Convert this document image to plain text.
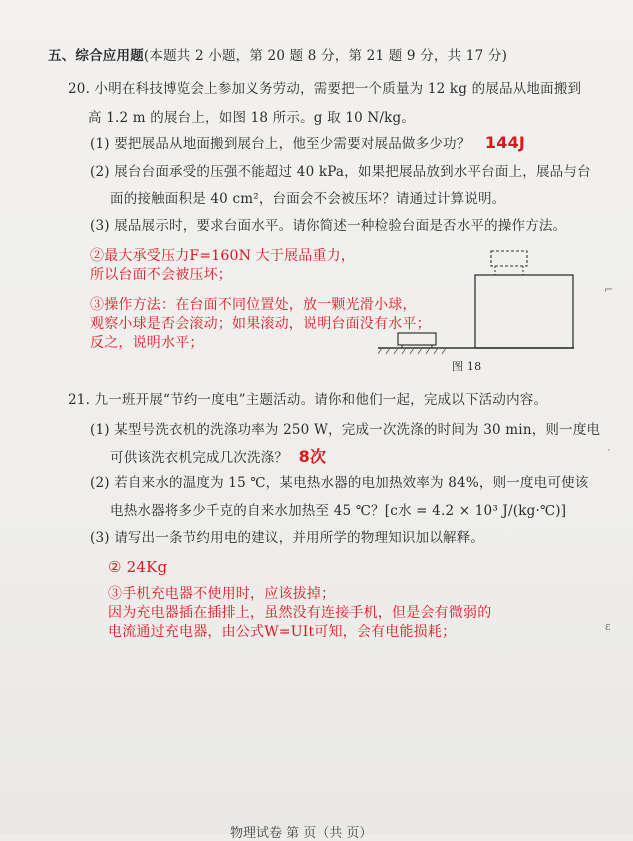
五、综合应用题(本题共 2 小题，第 20 题 8 分，第 21 题 9 分，共 17 分)
20. 小明在科技博览会上参加义务劳动，需要把一个质量为 12 kg 的展品从地面搬到
高 1.2 m 的展台上，如图 18 所示。g 取 10 N/kg。
(1) 要把展品从地面搬到展台上，他至少需要对展品做多少功？ 144J
(2) 展台台面承受的压强不能超过 40 kPa，如果把展品放到水平台面上，展品与台
面的接触面积是 40 cm²，台面会不会被压坏？请通过计算说明。
(3) 展品展示时，要求台面水平。请你简述一种检验台面是否水平的操作方法。
②最大承受压力F=160N 大于展品重力，
所以台面不会被压坏；
③操作方法：在台面不同位置处，放一颗光滑小球，
观察小球是否会滚动；如果滚动，说明台面没有水平；
反之，说明水平；
图 18
21. 九一班开展“节约一度电”主题活动。请你和他们一起，完成以下活动内容。
(1) 某型号洗衣机的洗涤功率为 250 W，完成一次洗涤的时间为 30 min，则一度电
可供该洗衣机完成几次洗涤？ 8次
(2) 若自来水的温度为 15 ℃，某电热水器的电加热效率为 84%，则一度电可使该
电热水器将多少千克的自来水加热至 45 ℃？[c水 = 4.2 × 10³ J/(kg·℃)]
(3) 请写出一条节约用电的建议，并用所学的物理知识加以解释。
② 24Kg
③手机充电器不使用时，应该拔掉；
因为充电器插在插排上，虽然没有连接手机，但是会有微弱的
电流通过充电器，由公式W=UIt可知，会有电能损耗；
⌐
˙
ε
物理试卷 第 页（共 页）
